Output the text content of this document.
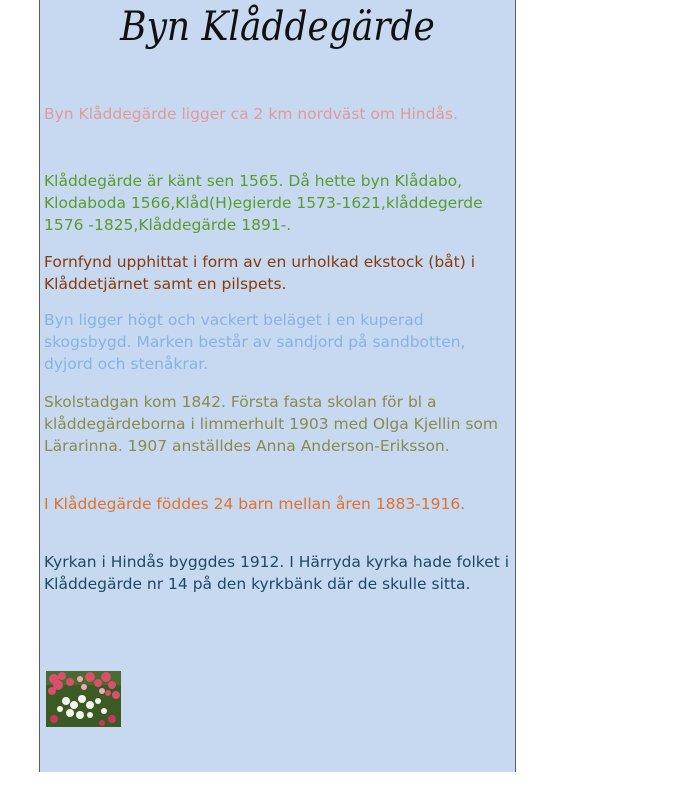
Byn Klåddegärde

Byn Klåddegärde ligger ca 2 km nordväst om Hindås.

Klåddegärde är känt sen 1565. Då hette byn Klådabo, Klodaboda 1566,Klåd(H)egierde 1573-1621,klåddegerde 1576 -1825,Klåddegärde 1891-.

Fornfynd upphittat i form av en urholkad ekstock (båt) i Klåddetjärnet samt en pilspets.

Byn ligger högt och vackert beläget i en kuperad skogsbygd. Marken består av sandjord på sandbotten, dyjord och stenåkrar.

Skolstadgan kom 1842. Första fasta skolan för bl a klåddegärdeborna i limmerhult 1903 med Olga Kjellin som Lärarinna. 1907 anställdes Anna Anderson-Eriksson.

I Klåddegärde föddes 24 barn mellan åren 1883-1916.

Kyrkan i Hindås byggdes 1912. I Härryda kyrka hade folket i Klåddegärde nr 14 på den kyrkbänk där de skulle sitta.
